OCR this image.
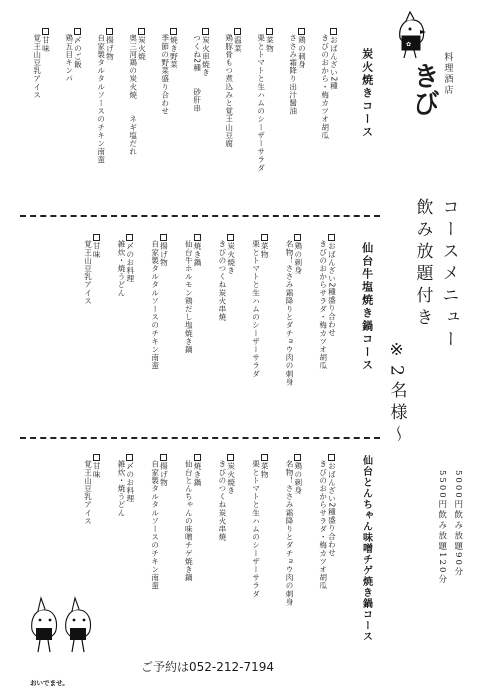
料理酒店
きび
✿
コースメニュー
飲み放題付き
※2名様〜
5000円飲み放題90分
5500円飲み放題120分
炭火焼きコース
おばんざい2種
きびのおから・梅カツオ胡瓜
鶏の刺身
ささみ霜降り出汁醤油
菜物
栗とトマトと生ハムのシーザーサラダ
温菜
鶏豚骨もつ煮込みと覚王山豆腐
炭火串焼き
つくね2種　　砂肝串
焼き野菜
季節の野菜盛り合わせ
炭火焼
奥三河鶏の炭火焼　　ネギ塩だれ
揚げ物
自家製タルタルソースのチキン南蛮
〆のご飯
鶏五目キンパ
甘味
覚王山豆乳アイス
仙台牛塩焼き鍋コース
おばんざい2種盛り合わせ
きびのおからサラダ・梅カツオ胡瓜
鶏の刺身
名物！ささみ霜降りとダチョウ肉の刺身
菜物
栗とトマトと生ハムのシーザーサラダ
炭火焼き
きびのつくね炭火串焼
焼き鍋
仙台牛ホルモン鶏だし塩焼き鍋
揚げ物
自家製タルタルソースのチキン南蛮
〆のお料理
雑炊・焼うどん
甘味
覚王山豆乳アイス
仙台とんちゃん味噌チゲ焼き鍋コース
おばんざい2種盛り合わせ
きびのおからサラダ・梅カツオ胡瓜
鶏の刺身
名物！ささみ霜降りとダチョウ肉の刺身
菜物
栗とトマトと生ハムのシーザーサラダ
炭火焼き
きびのつくね炭火串焼
焼き鍋
仙台とんちゃんの味噌チゲ焼き鍋
揚げ物
自家製タルタルソースのチキン南蛮
〆のお料理
雑炊・焼うどん
甘味
覚王山豆乳アイス
ご予約は052-212-7194
おいでませ。
